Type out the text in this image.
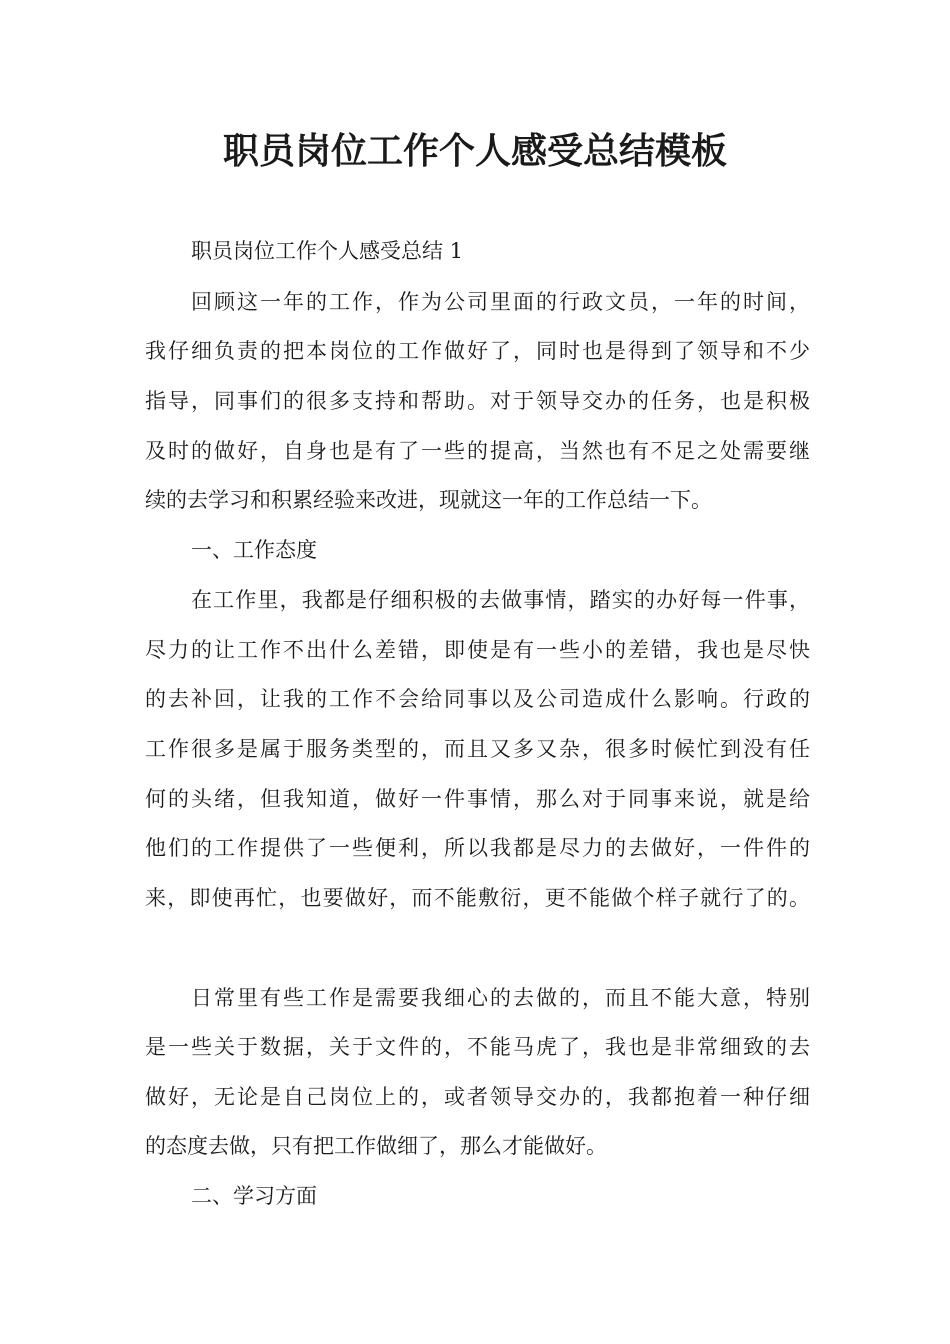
职员岗位工作个人感受总结模板

职员岗位工作个人感受总结 1

回顾这一年的工作，作为公司里面的行政文员，一年的时间，

我仔细负责的把本岗位的工作做好了，同时也是得到了领导和不少

指导，同事们的很多支持和帮助。对于领导交办的任务，也是积极

及时的做好，自身也是有了一些的提高，当然也有不足之处需要继

续的去学习和积累经验来改进，现就这一年的工作总结一下。

一、工作态度

在工作里，我都是仔细积极的去做事情，踏实的办好每一件事，

尽力的让工作不出什么差错，即使是有一些小的差错，我也是尽快

的去补回，让我的工作不会给同事以及公司造成什么影响。行政的

工作很多是属于服务类型的，而且又多又杂，很多时候忙到没有任

何的头绪，但我知道，做好一件事情，那么对于同事来说，就是给

他们的工作提供了一些便利，所以我都是尽力的去做好，一件件的

来，即使再忙，也要做好，而不能敷衍，更不能做个样子就行了的。

日常里有些工作是需要我细心的去做的，而且不能大意，特别

是一些关于数据，关于文件的，不能马虎了，我也是非常细致的去

做好，无论是自己岗位上的，或者领导交办的，我都抱着一种仔细

的态度去做，只有把工作做细了，那么才能做好。

二、学习方面
